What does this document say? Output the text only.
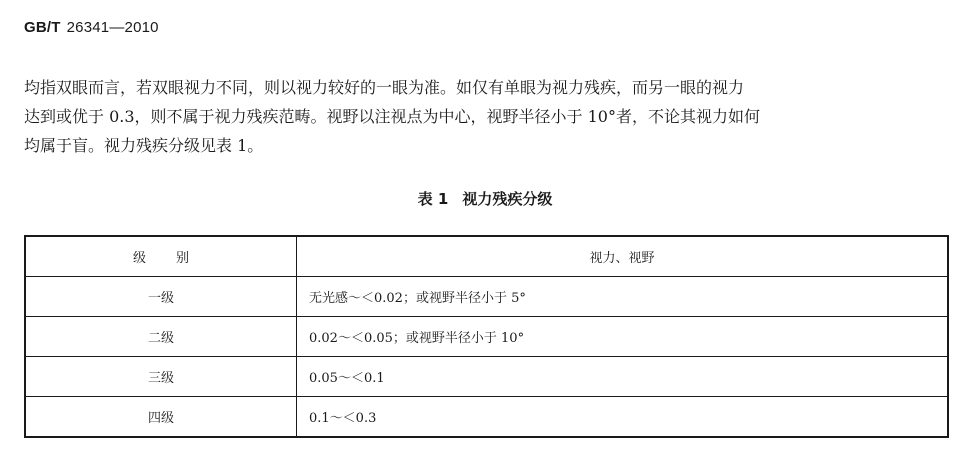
GB/T 26341—2010

均指双眼而言，若双眼视力不同，则以视力较好的一眼为准。如仅有单眼为视力残疾，而另一眼的视力
达到或优于 0.3，则不属于视力残疾范畴。视野以注视点为中心，视野半径小于 10°者，不论其视力如何
均属于盲。视力残疾分级见表 1。

表 1 视力残疾分级
级别	视力、视野
一级	无光感～＜0.02；或视野半径小于 5°
二级	0.02～＜0.05；或视野半径小于 10°
三级	0.05～＜0.1
四级	0.1～＜0.3
